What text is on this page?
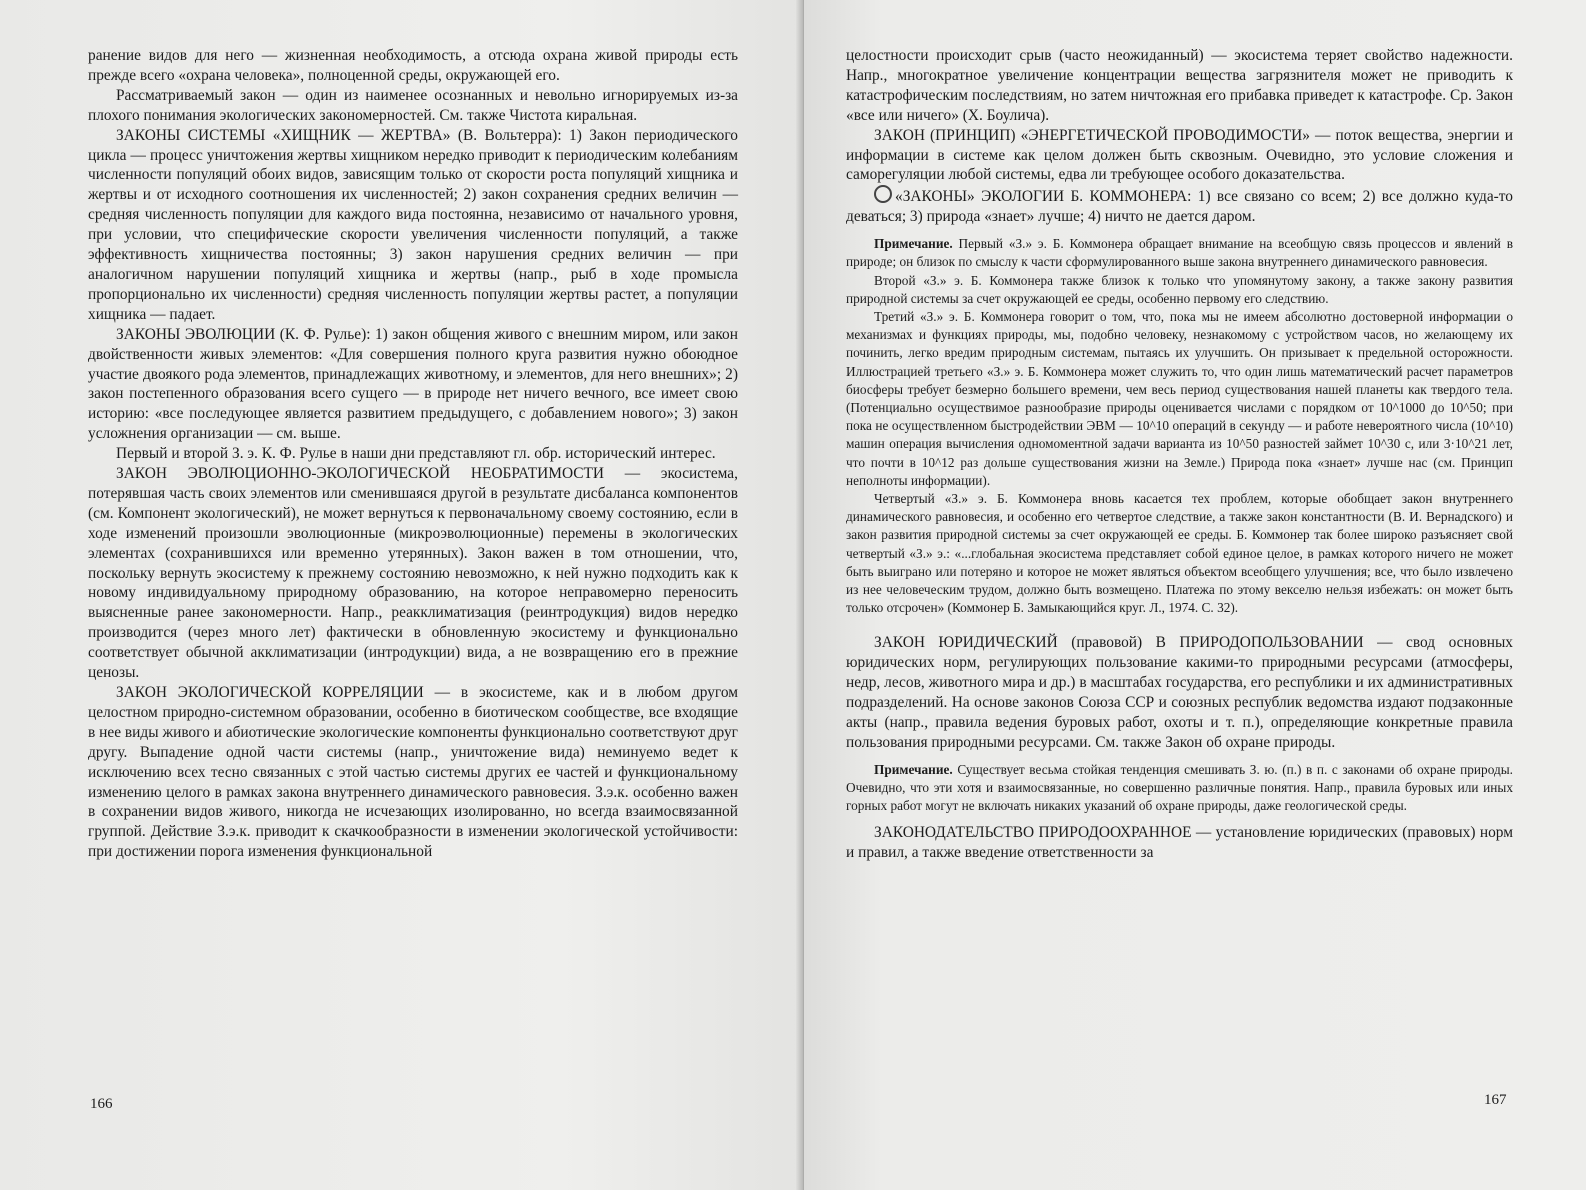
ранение видов для него — жизненная необходимость, а отсюда охрана живой природы есть прежде всего «охрана человека», полноценной среды, окружающей его.

Рассматриваемый закон — один из наименее осознанных и невольно игнорируемых из-за плохого понимания экологических закономерностей. См. также Чистота киральная.

ЗАКОНЫ СИСТЕМЫ «ХИЩНИК — ЖЕРТВА» (В. Вольтерра): 1) Закон периодического цикла — процесс уничтожения жертвы хищником нередко приводит к периодическим колебаниям численности популяций обоих видов, зависящим только от скорости роста популяций хищника и жертвы и от исходного соотношения их численностей; 2) закон сохранения средних величин — средняя численность популяции для каждого вида постоянна, независимо от начального уровня, при условии, что специфические скорости увеличения численности популяций, а также эффективность хищничества постоянны; 3) закон нарушения средних величин — при аналогичном нарушении популяций хищника и жертвы (напр., рыб в ходе промысла пропорционально их численности) средняя численность популяции жертвы растет, а популяции хищника — падает.

ЗАКОНЫ ЭВОЛЮЦИИ (К. Ф. Рулье): 1) закон общения живого с внешним миром, или закон двойственности живых элементов: «Для совершения полного круга развития нужно обоюдное участие двоякого рода элементов, принадлежащих животному, и элементов, для него внешних»; 2) закон постепенного образования всего сущего — в природе нет ничего вечного, все имеет свою историю: «все последующее является развитием предыдущего, с добавлением нового»; 3) закон усложнения организации — см. выше.

Первый и второй З. э. К. Ф. Рулье в наши дни представляют гл. обр. исторический интерес.

ЗАКОН ЭВОЛЮЦИОННО-ЭКОЛОГИЧЕСКОЙ НЕОБРАТИМОСТИ — экосистема, потерявшая часть своих элементов или сменившаяся другой в результате дисбаланса компонентов (см. Компонент экологический), не может вернуться к первоначальному своему состоянию, если в ходе изменений произошли эволюционные (микроэволюционные) перемены в экологических элементах (сохранившихся или временно утерянных). Закон важен в том отношении, что, поскольку вернуть экосистему к прежнему состоянию невозможно, к ней нужно подходить как к новому индивидуальному природному образованию, на которое неправомерно переносить выясненные ранее закономерности. Напр., реакклиматизация (реинтродукция) видов нередко производится (через много лет) фактически в обновленную экосистему и функционально соответствует обычной акклиматизации (интродукции) вида, а не возвращению его в прежние ценозы.

ЗАКОН ЭКОЛОГИЧЕСКОЙ КОРРЕЛЯЦИИ — в экосистеме, как и в любом другом целостном природно-системном образовании, особенно в биотическом сообществе, все входящие в нее виды живого и абиотические экологические компоненты функционально соответствуют друг другу. Выпадение одной части системы (напр., уничтожение вида) неминуемо ведет к исключению всех тесно связанных с этой частью системы других ее частей и функциональному изменению целого в рамках закона внутреннего динамического равновесия. З.э.к. особенно важен в сохранении видов живого, никогда не исчезающих изолированно, но всегда взаимосвязанной группой. Действие З.э.к. приводит к скачкообразности в изменении экологической устойчивости: при достижении порога изменения функциональной

166

целостности происходит срыв (часто неожиданный) — экосистема теряет свойство надежности. Напр., многократное увеличение концентрации вещества загрязнителя может не приводить к катастрофическим последствиям, но затем ничтожная его прибавка приведет к катастрофе. Ср. Закон «все или ничего» (Х. Боулича).

ЗАКОН (ПРИНЦИП) «ЭНЕРГЕТИЧЕСКОЙ ПРОВОДИМОСТИ» — поток вещества, энергии и информации в системе как целом должен быть сквозным. Очевидно, это условие сложения и саморегуляции любой системы, едва ли требующее особого доказательства.

«ЗАКОНЫ» ЭКОЛОГИИ Б. КОММОНЕРА: 1) все связано со всем; 2) все должно куда-то деваться; 3) природа «знает» лучше; 4) ничто не дается даром.

Примечание. Первый «З.» э. Б. Коммонера обращает внимание на всеобщую связь процессов и явлений в природе; он близок по смыслу к части сформулированного выше закона внутреннего динамического равновесия.

Второй «З.» э. Б. Коммонера также близок к только что упомянутому закону, а также закону развития природной системы за счет окружающей ее среды, особенно первому его следствию.

Третий «З.» э. Б. Коммонера говорит о том, что, пока мы не имеем абсолютно достоверной информации о механизмах и функциях природы, мы, подобно человеку, незнакомому с устройством часов, но желающему их починить, легко вредим природным системам, пытаясь их улучшить. Он призывает к предельной осторожности. Иллюстрацией третьего «З.» э. Б. Коммонера может служить то, что один лишь математический расчет параметров биосферы требует безмерно большего времени, чем весь период существования нашей планеты как твердого тела. (Потенциально осуществимое разнообразие природы оценивается числами с порядком от 10^1000 до 10^50; при пока не осуществленном быстродействии ЭВМ — 10^10 операций в секунду — и работе невероятного числа (10^10) машин операция вычисления одномоментной задачи варианта из 10^50 разностей займет 10^30 с, или 3·10^21 лет, что почти в 10^12 раз дольше существования жизни на Земле.) Природа пока «знает» лучше нас (см. Принцип неполноты информации).

Четвертый «З.» э. Б. Коммонера вновь касается тех проблем, которые обобщает закон внутреннего динамического равновесия, и особенно его четвертое следствие, а также закон константности (В. И. Вернадского) и закон развития природной системы за счет окружающей ее среды. Б. Коммонер так более широко разъясняет свой четвертый «З.» э.: «...глобальная экосистема представляет собой единое целое, в рамках которого ничего не может быть выиграно или потеряно и которое не может являться объектом всеобщего улучшения; все, что было извлечено из нее человеческим трудом, должно быть возмещено. Платежа по этому векселю нельзя избежать: он может быть только отсрочен» (Коммонер Б. Замыкающийся круг. Л., 1974. С. 32).

ЗАКОН ЮРИДИЧЕСКИЙ (правовой) В ПРИРОДОПОЛЬЗОВАНИИ — свод основных юридических норм, регулирующих пользование какими-то природными ресурсами (атмосферы, недр, лесов, животного мира и др.) в масштабах государства, его республики и их административных подразделений. На основе законов Союза ССР и союзных республик ведомства издают подзаконные акты (напр., правила ведения буровых работ, охоты и т. п.), определяющие конкретные правила пользования природными ресурсами. См. также Закон об охране природы.

Примечание. Существует весьма стойкая тенденция смешивать З. ю. (п.) в п. с законами об охране природы. Очевидно, что эти хотя и взаимосвязанные, но совершенно различные понятия. Напр., правила буровых или иных горных работ могут не включать никаких указаний об охране природы, даже геологической среды.

ЗАКОНОДАТЕЛЬСТВО ПРИРОДООХРАННОЕ — установление юридических (правовых) норм и правил, а также введение ответственности за

167
